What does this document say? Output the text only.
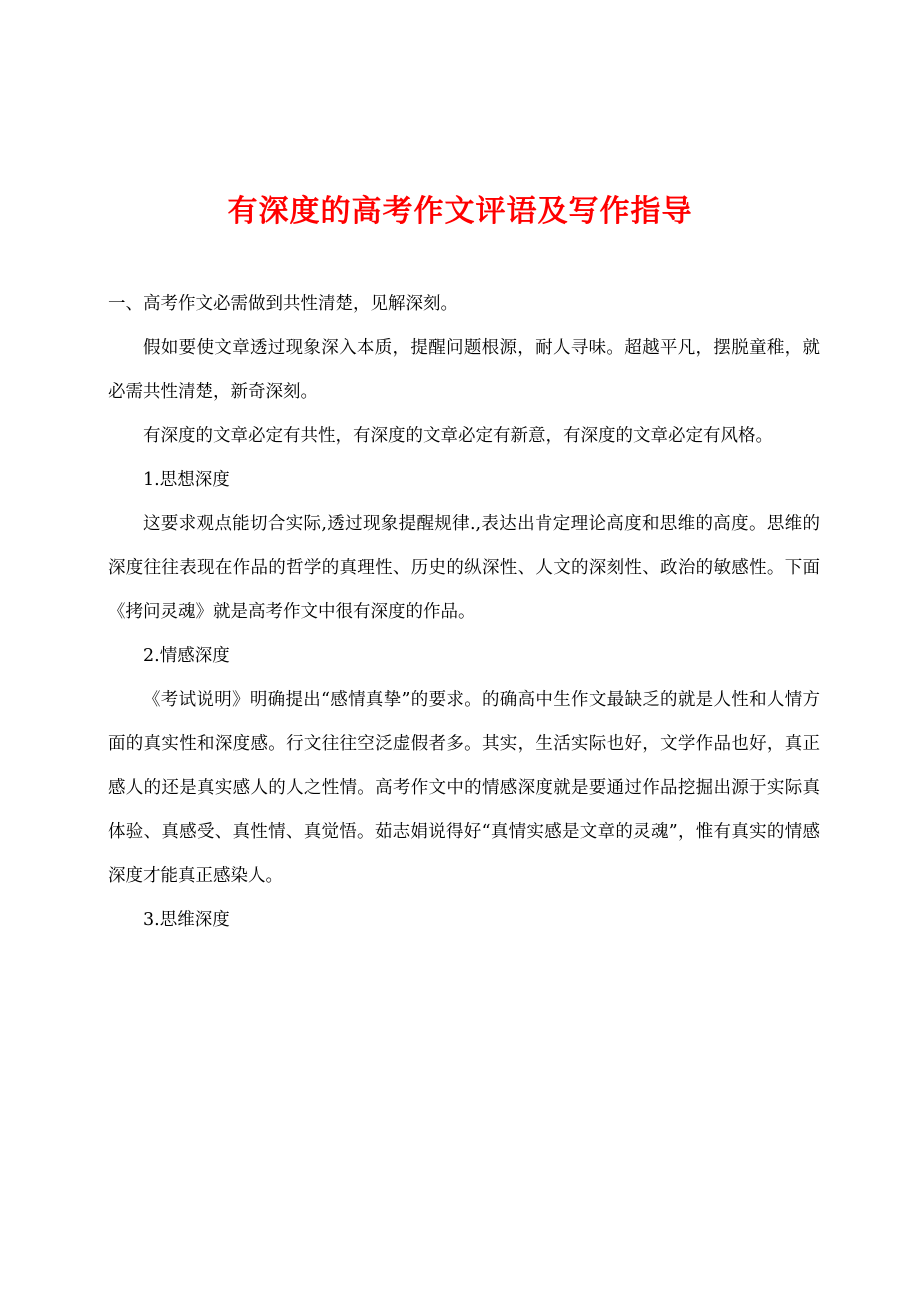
有深度的高考作文评语及写作指导

一、高考作文必需做到共性清楚，见解深刻。

假如要使文章透过现象深入本质，提醒问题根源，耐人寻味。超越平凡，摆脱童稚，就必需共性清楚，新奇深刻。

有深度的文章必定有共性，有深度的文章必定有新意，有深度的文章必定有风格。

1.思想深度

这要求观点能切合实际,透过现象提醒规律.,表达出肯定理论高度和思维的高度。思维的深度往往表现在作品的哲学的真理性、历史的纵深性、人文的深刻性、政治的敏感性。下面《拷问灵魂》就是高考作文中很有深度的作品。

2.情感深度

《考试说明》明确提出“感情真挚”的要求。的确高中生作文最缺乏的就是人性和人情方面的真实性和深度感。行文往往空泛虚假者多。其实，生活实际也好，文学作品也好，真正感人的还是真实感人的人之性情。高考作文中的情感深度就是要通过作品挖掘出源于实际真体验、真感受、真性情、真觉悟。茹志娟说得好“真情实感是文章的灵魂”，惟有真实的情感深度才能真正感染人。

3.思维深度
